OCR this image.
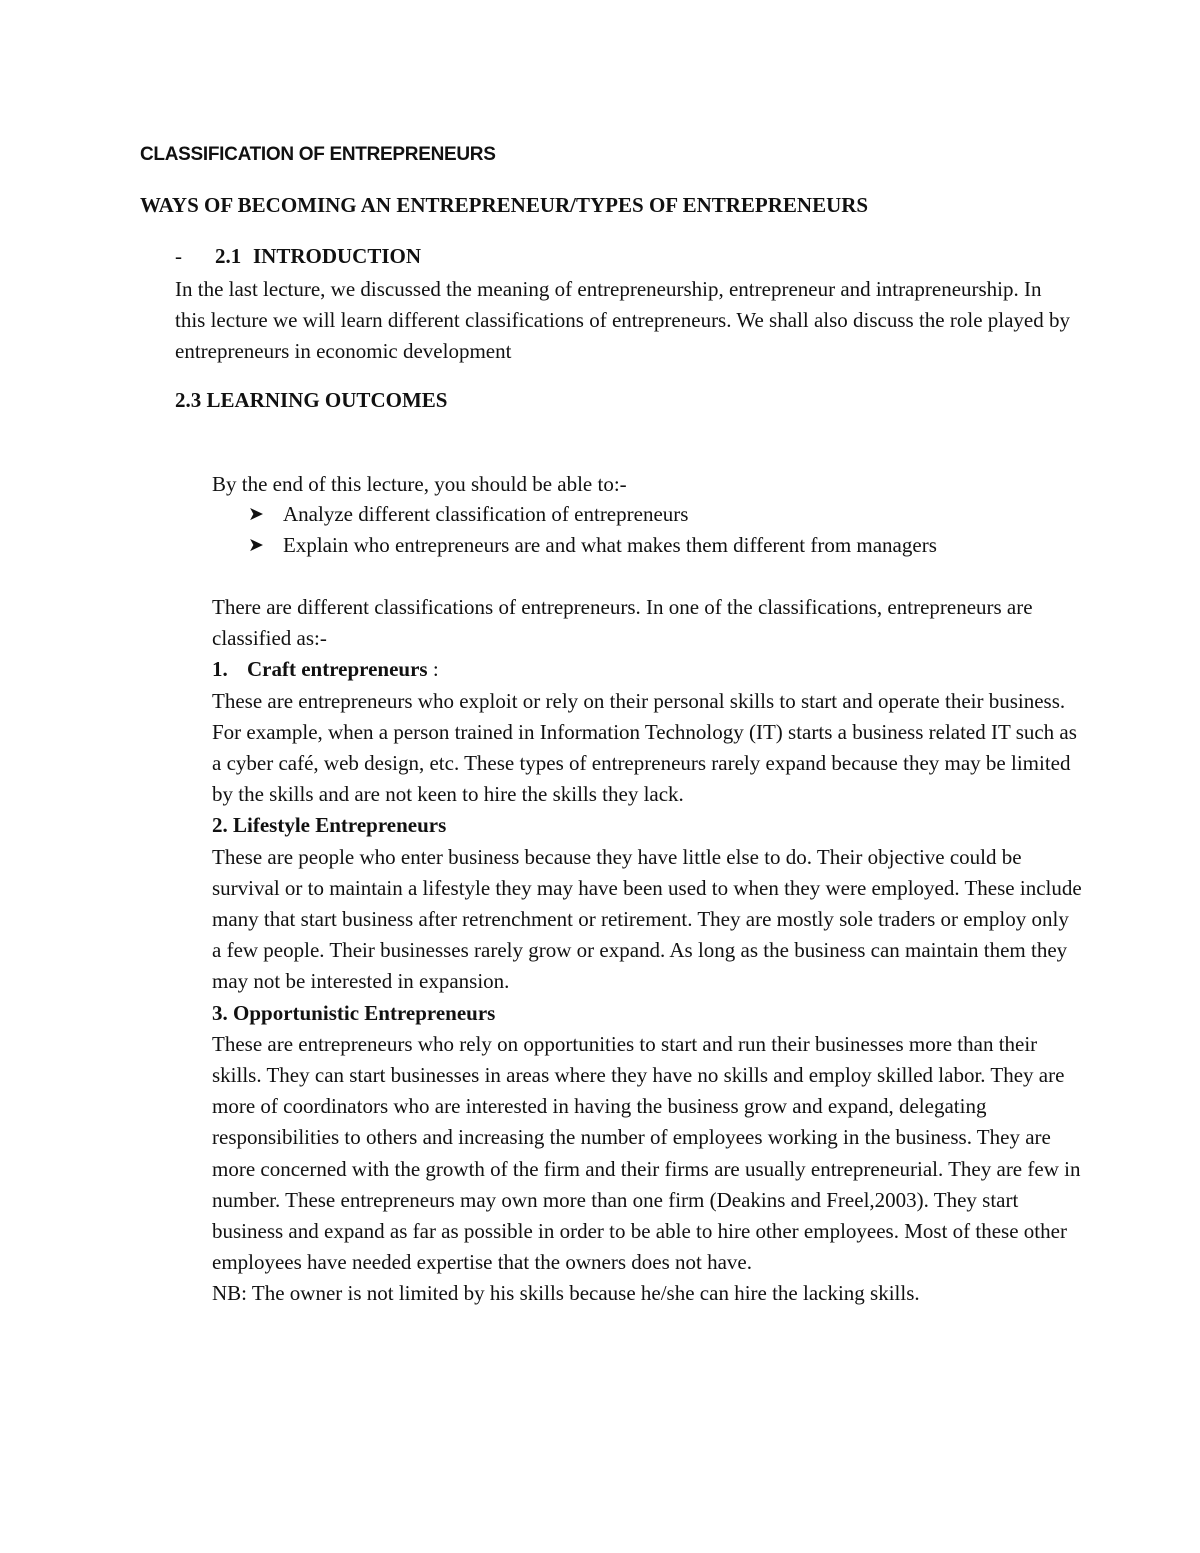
CLASSIFICATION OF ENTREPRENEURS
WAYS OF BECOMING AN ENTREPRENEUR/TYPES OF ENTREPRENEURS
- 2.1 INTRODUCTION
In the last lecture, we discussed the meaning of entrepreneurship, entrepreneur and intrapreneurship. In this lecture we will learn different classifications of entrepreneurs. We shall also discuss the role played by entrepreneurs in economic development
2.3 LEARNING OUTCOMES
By the end of this lecture, you should be able to:-
➤ Analyze different classification of entrepreneurs
➤ Explain who entrepreneurs are and what makes them different from managers
There are different classifications of entrepreneurs. In one of the classifications, entrepreneurs are classified as:-
1. Craft entrepreneurs :
These are entrepreneurs who exploit or rely on their personal skills to start and operate their business. For example, when a person trained in Information Technology (IT) starts a business related IT such as a cyber café, web design, etc. These types of entrepreneurs rarely expand because they may be limited by the skills and are not keen to hire the skills they lack.
2. Lifestyle Entrepreneurs
These are people who enter business because they have little else to do. Their objective could be survival or to maintain a lifestyle they may have been used to when they were employed. These include many that start business after retrenchment or retirement. They are mostly sole traders or employ only a few people. Their businesses rarely grow or expand. As long as the business can maintain them they may not be interested in expansion.
3. Opportunistic Entrepreneurs
These are entrepreneurs who rely on opportunities to start and run their businesses more than their skills. They can start businesses in areas where they have no skills and employ skilled labor. They are more of coordinators who are interested in having the business grow and expand, delegating responsibilities to others and increasing the number of employees working in the business. They are more concerned with the growth of the firm and their firms are usually entrepreneurial. They are few in number. These entrepreneurs may own more than one firm (Deakins and Freel,2003). They start business and expand as far as possible in order to be able to hire other employees. Most of these other employees have needed expertise that the owners does not have.
NB: The owner is not limited by his skills because he/she can hire the lacking skills.
